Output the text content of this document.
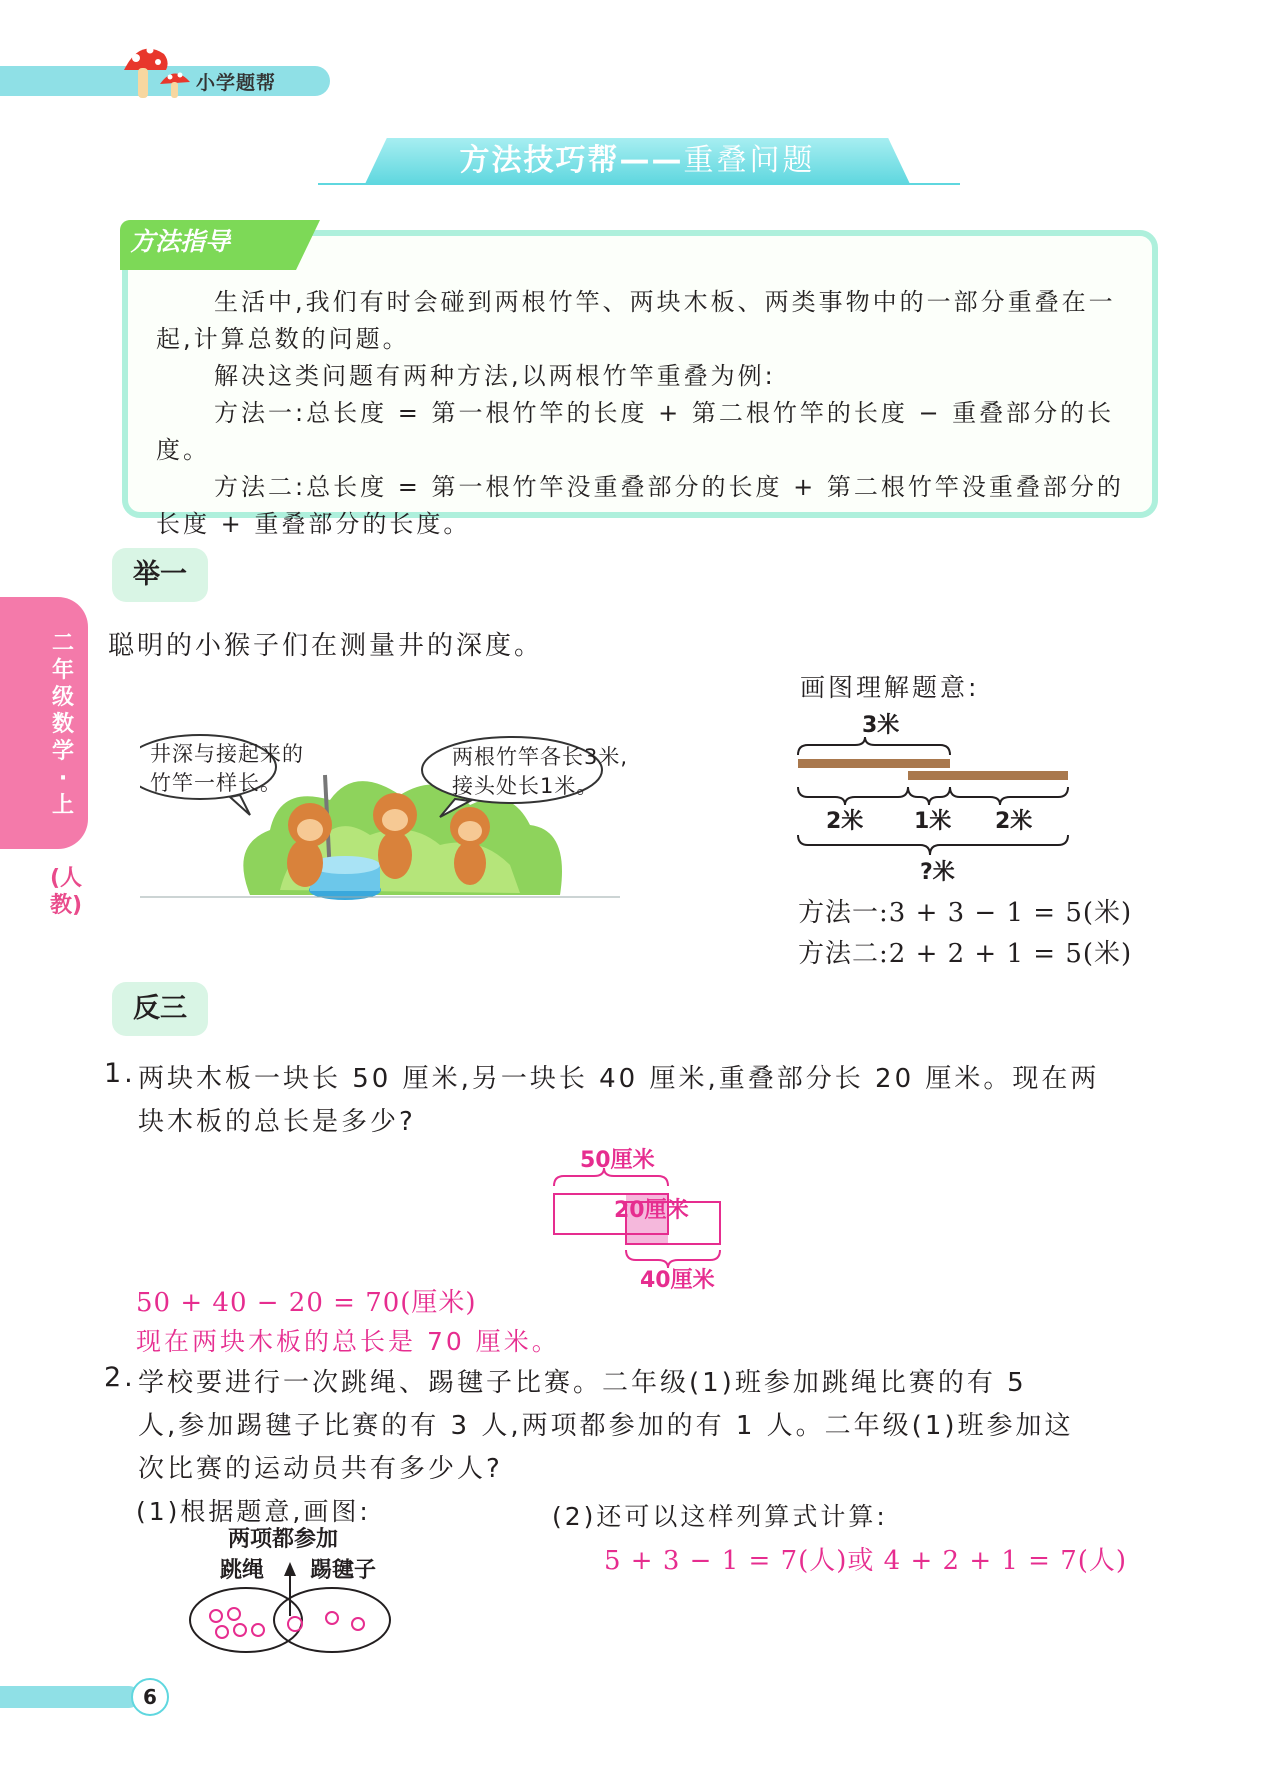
小学题帮
方法技巧帮——重叠问题
方法指导

生活中,我们有时会碰到两根竹竿、两块木板、两类事物中的一部分重叠在一起,计算总数的问题。

解决这类问题有两种方法,以两根竹竿重叠为例:

方法一:总长度 = 第一根竹竿的长度 + 第二根竹竿的长度 − 重叠部分的长度。

方法二:总长度 = 第一根竹竿没重叠部分的长度 + 第二根竹竿没重叠部分的长度 + 重叠部分的长度。

二年级数学·上
(人教)
举一
聪明的小猴子们在测量井的深度。
井深与接起来的
竹竿一样长。
两根竹竿各长3米,
接头处长1米。
画图理解题意:
3米
2米 1米 2米
?米
方法一:3 + 3 − 1 = 5(米)
方法二:2 + 2 + 1 = 5(米)
反三
1. 两块木板一块长 50 厘米,另一块长 40 厘米,重叠部分长 20 厘米。现在两
块木板的总长是多少?
50厘米
20厘米
40厘米
50 + 40 − 20 = 70(厘米)
现在两块木板的总长是 70 厘米。
2. 学校要进行一次跳绳、踢毽子比赛。二年级(1)班参加跳绳比赛的有 5
人,参加踢毽子比赛的有 3 人,两项都参加的有 1 人。二年级(1)班参加这
次比赛的运动员共有多少人?
(1)根据题意,画图:	(2)还可以这样列算式计算:
5 + 3 − 1 = 7(人)或 4 + 2 + 1 = 7(人)
两项都参加
跳绳 踢毽子
6
